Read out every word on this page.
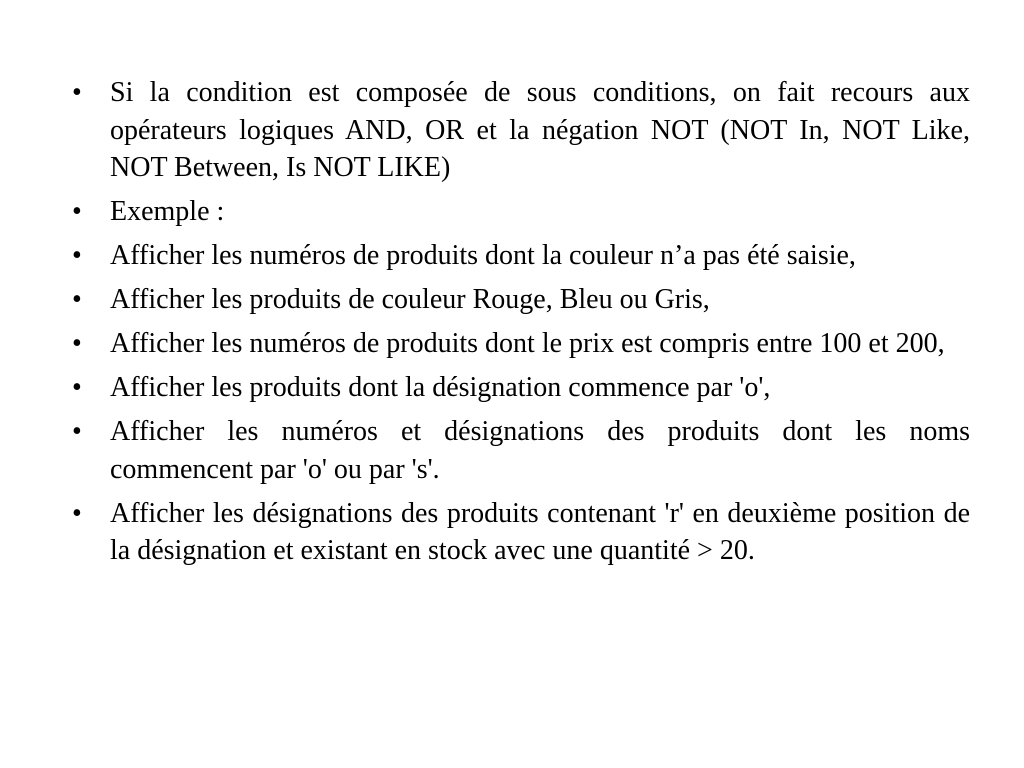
•	Si la condition est composée de sous conditions, on fait recours aux opérateurs logiques AND, OR et la négation NOT (NOT In, NOT Like, NOT Between, Is NOT LIKE)
•	Exemple :
•	Afficher les numéros de produits dont la couleur n’a pas été saisie,
•	Afficher les produits de couleur Rouge, Bleu ou Gris,
•	Afficher les numéros de produits dont le prix est compris entre 100 et 200,
•	Afficher les produits dont la désignation commence par 'o',
•	Afficher les numéros et désignations des produits dont les noms commencent par 'o' ou par 's'.
•	Afficher les désignations des produits contenant 'r' en deuxième position de la désignation et existant en stock avec une quantité > 20.
